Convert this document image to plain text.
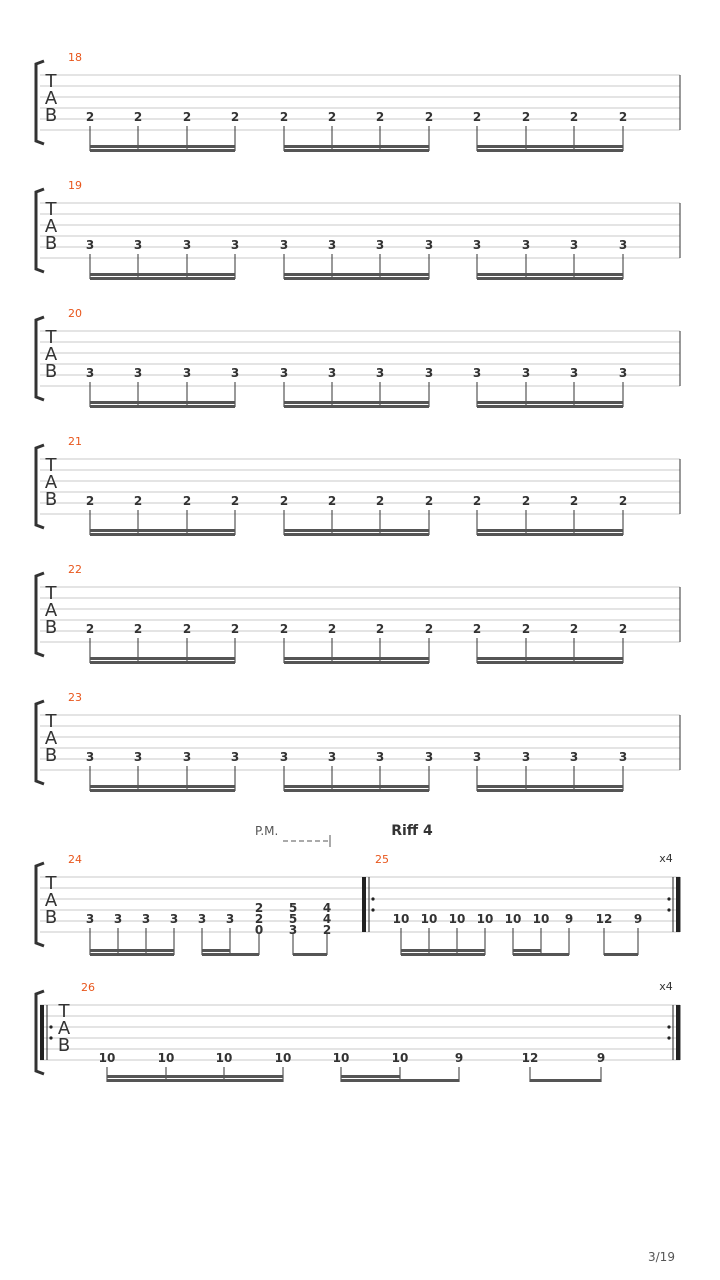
T
A
B
18
2	2	2	2	2	2	2	2	2	2	2	2
T
A
B
19
3	3	3	3	3	3	3	3	3	3	3	3
T
A
B
20
3	3	3	3	3	3	3	3	3	3	3	3
T
A
B
21
2	2	2	2	2	2	2	2	2	2	2	2
T
A
B
22
2	2	2	2	2	2	2	2	2	2	2	2
T
A
B
23
3	3	3	3	3	3	3	3	3	3	3	3
P.M.	Riff 4
x4
T
A
B
24	25
3 3 3 3 3 3
2
2
0
5
5
3
4
4
2
10 10 10 10 10 10 9 12 9
x4
T
A
B
26
10	10	10	10	10	10	9	12	9
3/19
